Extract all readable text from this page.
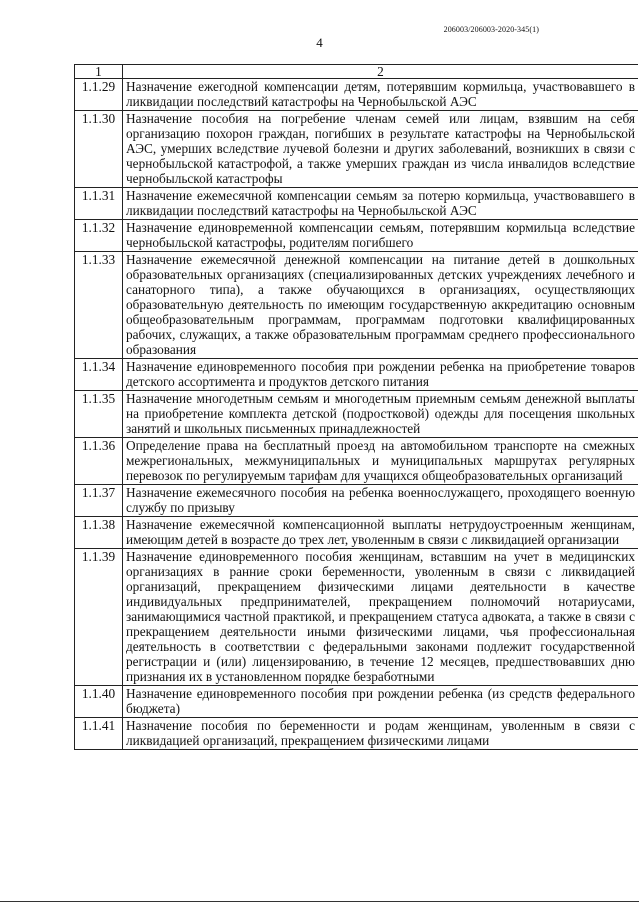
206003/206003-2020-345(1)
4
1	2
1.1.29	Назначение ежегодной компенсации детям, потерявшим кормильца, участвовавшего в ликвидации последствий катастрофы на Чернобыльской АЭС
1.1.30	Назначение пособия на погребение членам семей или лицам, взявшим на себя организацию похорон граждан, погибших в результате катастрофы на Чернобыльской АЭС, умерших вследствие лучевой болезни и других заболеваний, возникших в связи с чернобыльской катастрофой, а также умерших граждан из числа инвалидов вследствие чернобыльской катастрофы
1.1.31	Назначение ежемесячной компенсации семьям за потерю кормильца, участвовавшего в ликвидации последствий катастрофы на Чернобыльской АЭС
1.1.32	Назначение единовременной компенсации семьям, потерявшим кормильца вследствие чернобыльской катастрофы, родителям погибшего
1.1.33	Назначение ежемесячной денежной компенсации на питание детей в дошкольных образовательных организациях (специализированных детских учреждениях лечебного и санаторного типа), а также обучающихся в организациях, осуществляющих образовательную деятельность по имеющим государственную аккредитацию основным общеобразовательным программам, программам подготовки квалифицированных рабочих, служащих, а также образовательным программам среднего профессионального образования
1.1.34	Назначение единовременного пособия при рождении ребенка на приобретение товаров детского ассортимента и продуктов детского питания
1.1.35	Назначение многодетным семьям и многодетным приемным семьям денежной выплаты на приобретение комплекта детской (подростковой) одежды для посещения школьных занятий и школьных письменных принадлежностей
1.1.36	Определение права на бесплатный проезд на автомобильном транспорте на смежных межрегиональных, межмуниципальных и муниципальных маршрутах регулярных перевозок по регулируемым тарифам для учащихся общеобразовательных организаций
1.1.37	Назначение ежемесячного пособия на ребенка военнослужащего, проходящего военную службу по призыву
1.1.38	Назначение ежемесячной компенсационной выплаты нетрудоустроенным женщинам, имеющим детей в возрасте до трех лет, уволенным в связи с ликвидацией организации
1.1.39	Назначение единовременного пособия женщинам, вставшим на учет в медицинских организациях в ранние сроки беременности, уволенным в связи с ликвидацией организаций, прекращением физическими лицами деятельности в качестве индивидуальных предпринимателей, прекращением полномочий нотариусами, занимающимися частной практикой, и прекращением статуса адвоката, а также в связи с прекращением деятельности иными физическими лицами, чья профессиональная деятельность в соответствии с федеральными законами подлежит государственной регистрации и (или) лицензированию, в течение 12 месяцев, предшествовавших дню признания их в установленном порядке безработными
1.1.40	Назначение единовременного пособия при рождении ребенка (из средств федерального бюджета)
1.1.41	Назначение пособия по беременности и родам женщинам, уволенным в связи с ликвидацией организаций, прекращением физическими лицами
